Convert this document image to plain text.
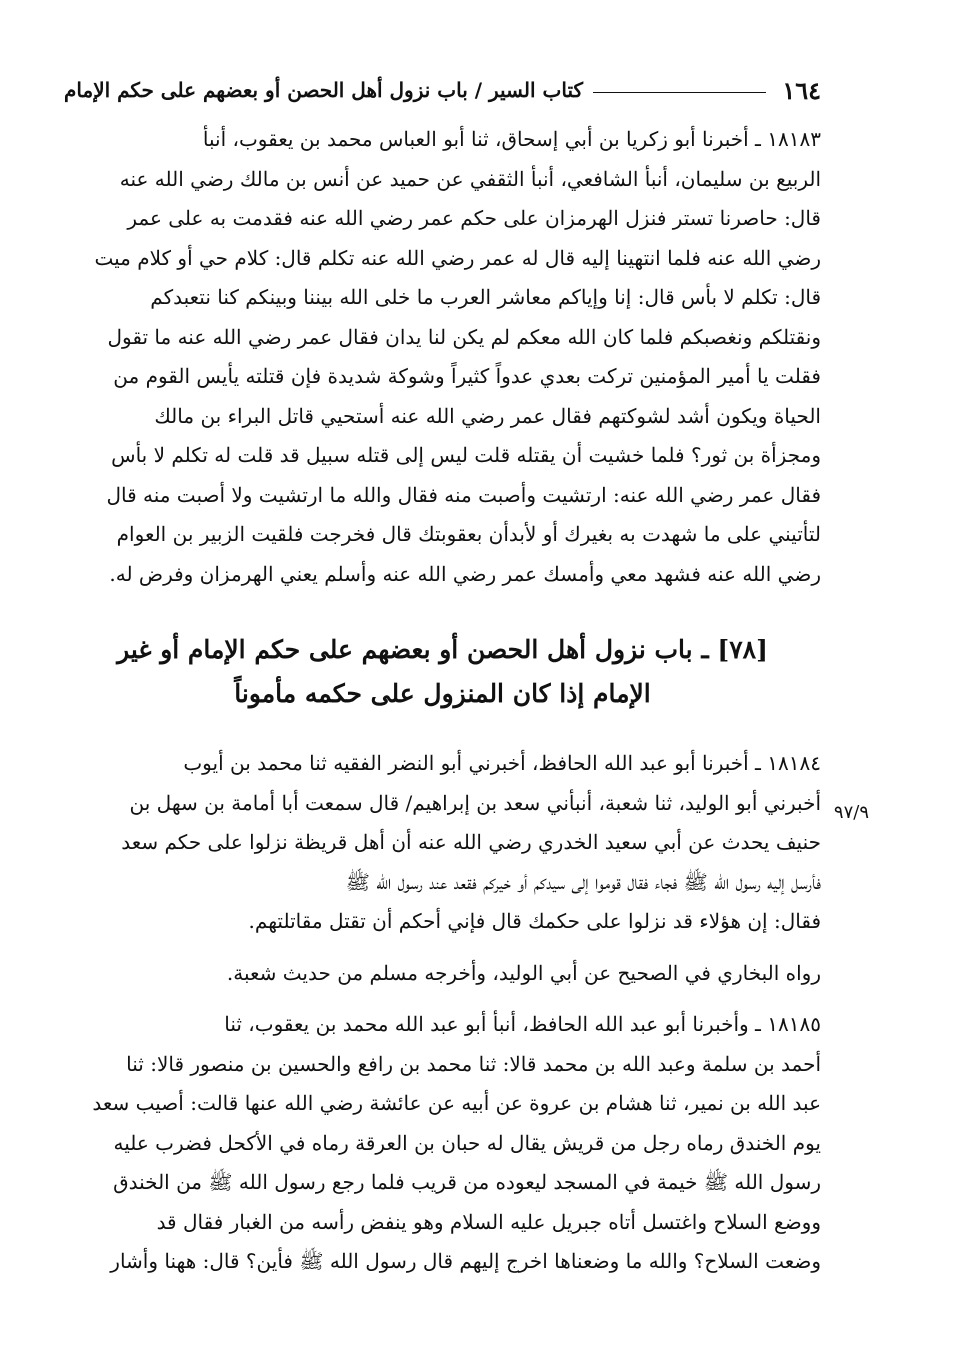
١٦٤
كتاب السير / باب نزول أهل الحصن أو بعضهم على حكم الإمام
١٨١٨٣ ـ أخبرنا أبو زكريا بن أبي إسحاق، ثنا أبو العباس محمد بن يعقوب، أنبأ
الربيع بن سليمان، أنبأ الشافعي، أنبأ الثقفي عن حميد عن أنس بن مالك رضي الله عنه
قال: حاصرنا تستر فنزل الهرمزان على حكم عمر رضي الله عنه فقدمت به على عمر
رضي الله عنه فلما انتهينا إليه قال له عمر رضي الله عنه تكلم قال: كلام حي أو كلام ميت
قال: تكلم لا بأس قال: إنا وإياكم معاشر العرب ما خلى الله بيننا وبينكم كنا نتعبدكم
ونقتلكم ونغصبكم فلما كان الله معكم لم يكن لنا يدان فقال عمر رضي الله عنه ما تقول
فقلت يا أمير المؤمنين تركت بعدي عدواً كثيراً وشوكة شديدة فإن قتلته يأيس القوم من
الحياة ويكون أشد لشوكتهم فقال عمر رضي الله عنه أستحيي قاتل البراء بن مالك
ومجزأة بن ثور؟ فلما خشيت أن يقتله قلت ليس إلى قتله سبيل قد قلت له تكلم لا بأس
فقال عمر رضي الله عنه: ارتشيت وأصبت منه فقال والله ما ارتشيت ولا أصبت منه قال
لتأتيني على ما شهدت به بغيرك أو لأبدأن بعقوبتك قال فخرجت فلقيت الزبير بن العوام
رضي الله عنه فشهد معي وأمسك عمر رضي الله عنه وأسلم يعني الهرمزان وفرض له.
[٧٨] ـ باب نزول أهل الحصن أو بعضهم على حكم الإمام أو غير
الإمام إذا كان المنزول على حكمه مأموناً
١٨١٨٤ ـ أخبرنا أبو عبد الله الحافظ، أخبرني أبو النضر الفقيه ثنا محمد بن أيوب
أخبرني أبو الوليد، ثنا شعبة، أنبأني سعد بن إبراهيم/ قال سمعت أبا أمامة بن سهل بن
حنيف يحدث عن أبي سعيد الخدري رضي الله عنه أن أهل قريظة نزلوا على حكم سعد
فأرسل إليه رسول الله ﷺ فجاء فقال قوموا إلى سيدكم أو خيركم فقعد عند رسول الله ﷺ
فقال: إن هؤلاء قد نزلوا على حكمك قال فإني أحكم أن تقتل مقاتلتهم.
رواه البخاري في الصحيح عن أبي الوليد، وأخرجه مسلم من حديث شعبة.
١٨١٨٥ ـ وأخبرنا أبو عبد الله الحافظ، أنبأ أبو عبد الله محمد بن يعقوب، ثنا
أحمد بن سلمة وعبد الله بن محمد قالا: ثنا محمد بن رافع والحسين بن منصور قالا: ثنا
عبد الله بن نمير، ثنا هشام بن عروة عن أبيه عن عائشة رضي الله عنها قالت: أصيب سعد
يوم الخندق رماه رجل من قريش يقال له حبان بن العرقة رماه في الأكحل فضرب عليه
رسول الله ﷺ خيمة في المسجد ليعوده من قريب فلما رجع رسول الله ﷺ من الخندق
ووضع السلاح واغتسل أتاه جبريل عليه السلام وهو ينفض رأسه من الغبار فقال قد
وضعت السلاح؟ والله ما وضعناها اخرج إليهم قال رسول الله ﷺ فأين؟ قال: ههنا وأشار
٩٧/٩
